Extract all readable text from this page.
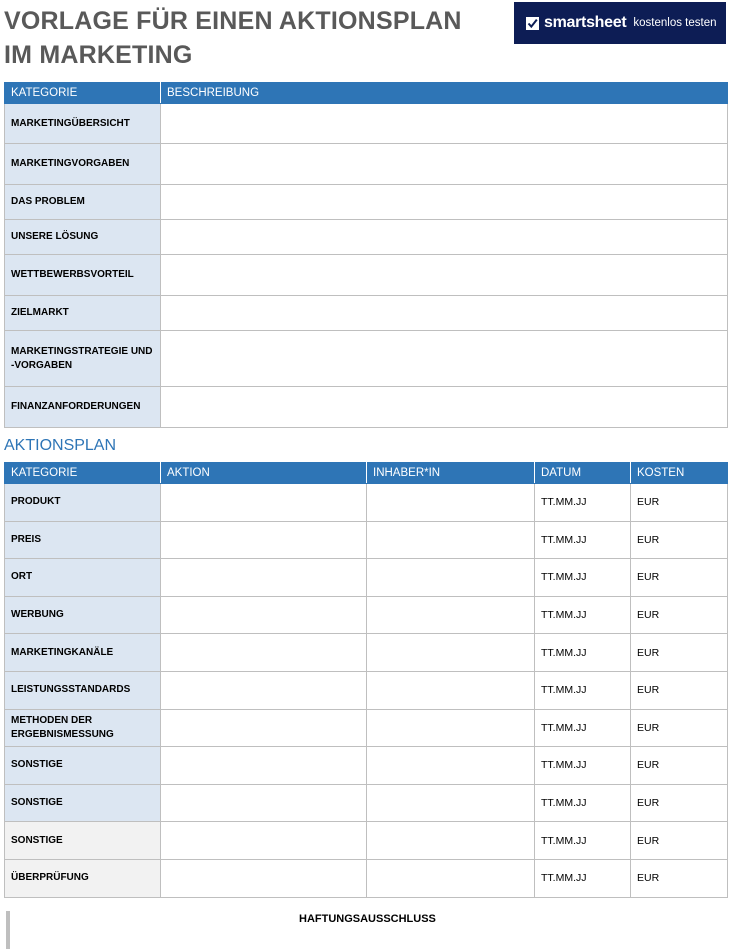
VORLAGE FÜR EINEN AKTIONSPLAN
IM MARKETING
smartsheet kostenlos testen
KATEGORIE	BESCHREIBUNG
MARKETINGÜBERSICHT	
MARKETINGVORGABEN	
DAS PROBLEM	
UNSERE LÖSUNG	
WETTBEWERBSVORTEIL	
ZIELMARKT	
MARKETINGSTRATEGIE UND -VORGABEN	
FINANZANFORDERUNGEN	
AKTIONSPLAN
KATEGORIE	AKTION	INHABER*IN	DATUM	KOSTEN
PRODUKT			TT.MM.JJ	EUR
PREIS			TT.MM.JJ	EUR
ORT			TT.MM.JJ	EUR
WERBUNG			TT.MM.JJ	EUR
MARKETINGKANÄLE			TT.MM.JJ	EUR
LEISTUNGSSTANDARDS			TT.MM.JJ	EUR
METHODEN DER ERGEBNISMESSUNG			TT.MM.JJ	EUR
SONSTIGE			TT.MM.JJ	EUR
SONSTIGE			TT.MM.JJ	EUR
SONSTIGE			TT.MM.JJ	EUR
ÜBERPRÜFUNG			TT.MM.JJ	EUR
HAFTUNGSAUSSCHLUSS
